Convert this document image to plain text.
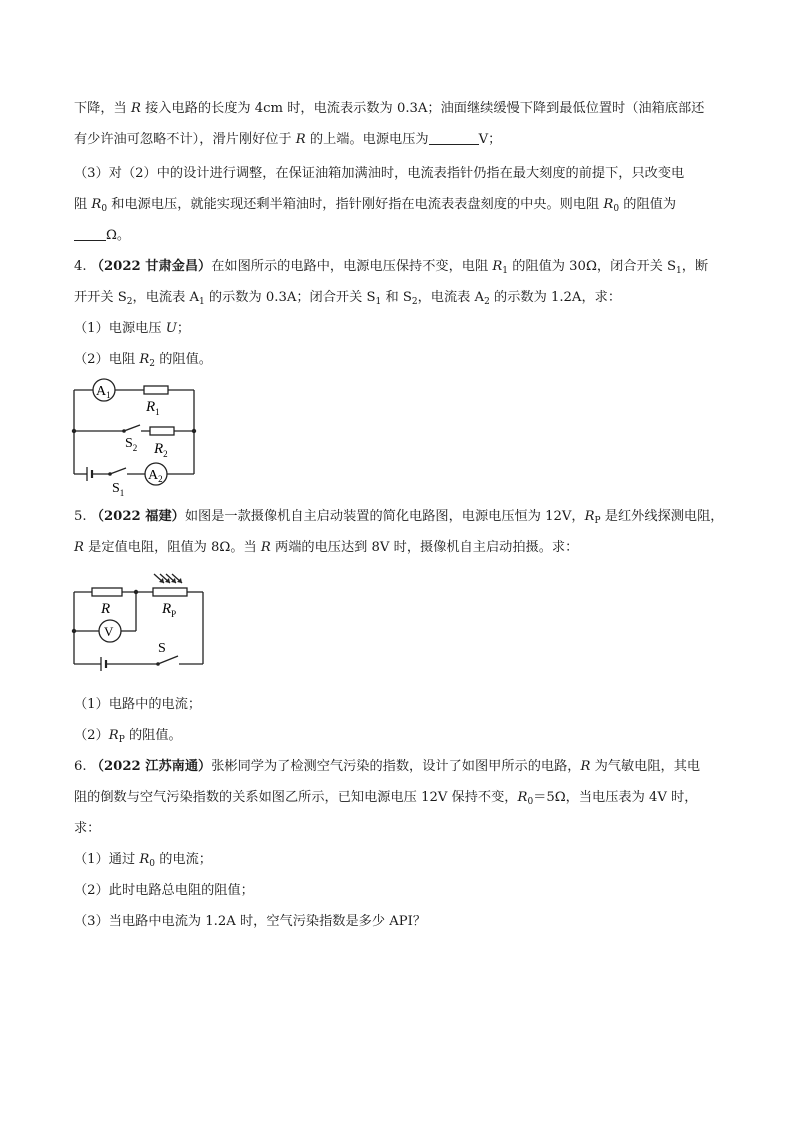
下降，当 R 接入电路的长度为 4cm 时，电流表示数为 0.3A；油面继续缓慢下降到最低位置时（油箱底部还
有少许油可忽略不计），滑片刚好位于 R 的上端。电源电压为	V；
（3）对（2）中的设计进行调整，在保证油箱加满油时，电流表指针仍指在最大刻度的前提下，只改变电
阻 $R_0$ 和电源电压，就能实现还剩半箱油时，指针刚好指在电流表表盘刻度的中央。则电阻 $R_0$ 的阻值为
Ω。
4. （2022 甘肃金昌）在如图所示的电路中，电源电压保持不变，电阻 $R_1$ 的阻值为 30Ω，闭合开关 $S_1$，断
开开关 $S_2$，电流表 $A_1$ 的示数为 0.3A；闭合开关 $S_1$ 和 $S_2$，电流表 $A_2$ 的示数为 1.2A，求：
（1）电源电压 U；
（2）电阻 $R_2$ 的阻值。
$A_1$
$R_1$
$S_2$ $R_2$
$S_1$
$A_2$
5. （2022 福建）如图是一款摄像机自主启动装置的简化电路图，电源电压恒为 12V，$R_P$ 是红外线探测电阻，
R 是定值电阻，阻值为 8Ω。当 R 两端的电压达到 8V 时，摄像机自主启动拍摄。求：
R	$R_P$
V
S
（1）电路中的电流；
$(2)R_P$ 的阻值。
6. （2022 江苏南通）张彬同学为了检测空气污染的指数，设计了如图甲所示的电路，R 为气敏电阻，其电
阻的倒数与空气污染指数的关系如图乙所示，已知电源电压 12V 保持不变，$R_0=5\Omega$，当电压表为 4V 时，
求：
（1）通过 $R_0$ 的电流；
（2）此时电路总电阻的阻值；
（3）当电路中电流为 1.2A 时，空气污染指数是多少 API？
